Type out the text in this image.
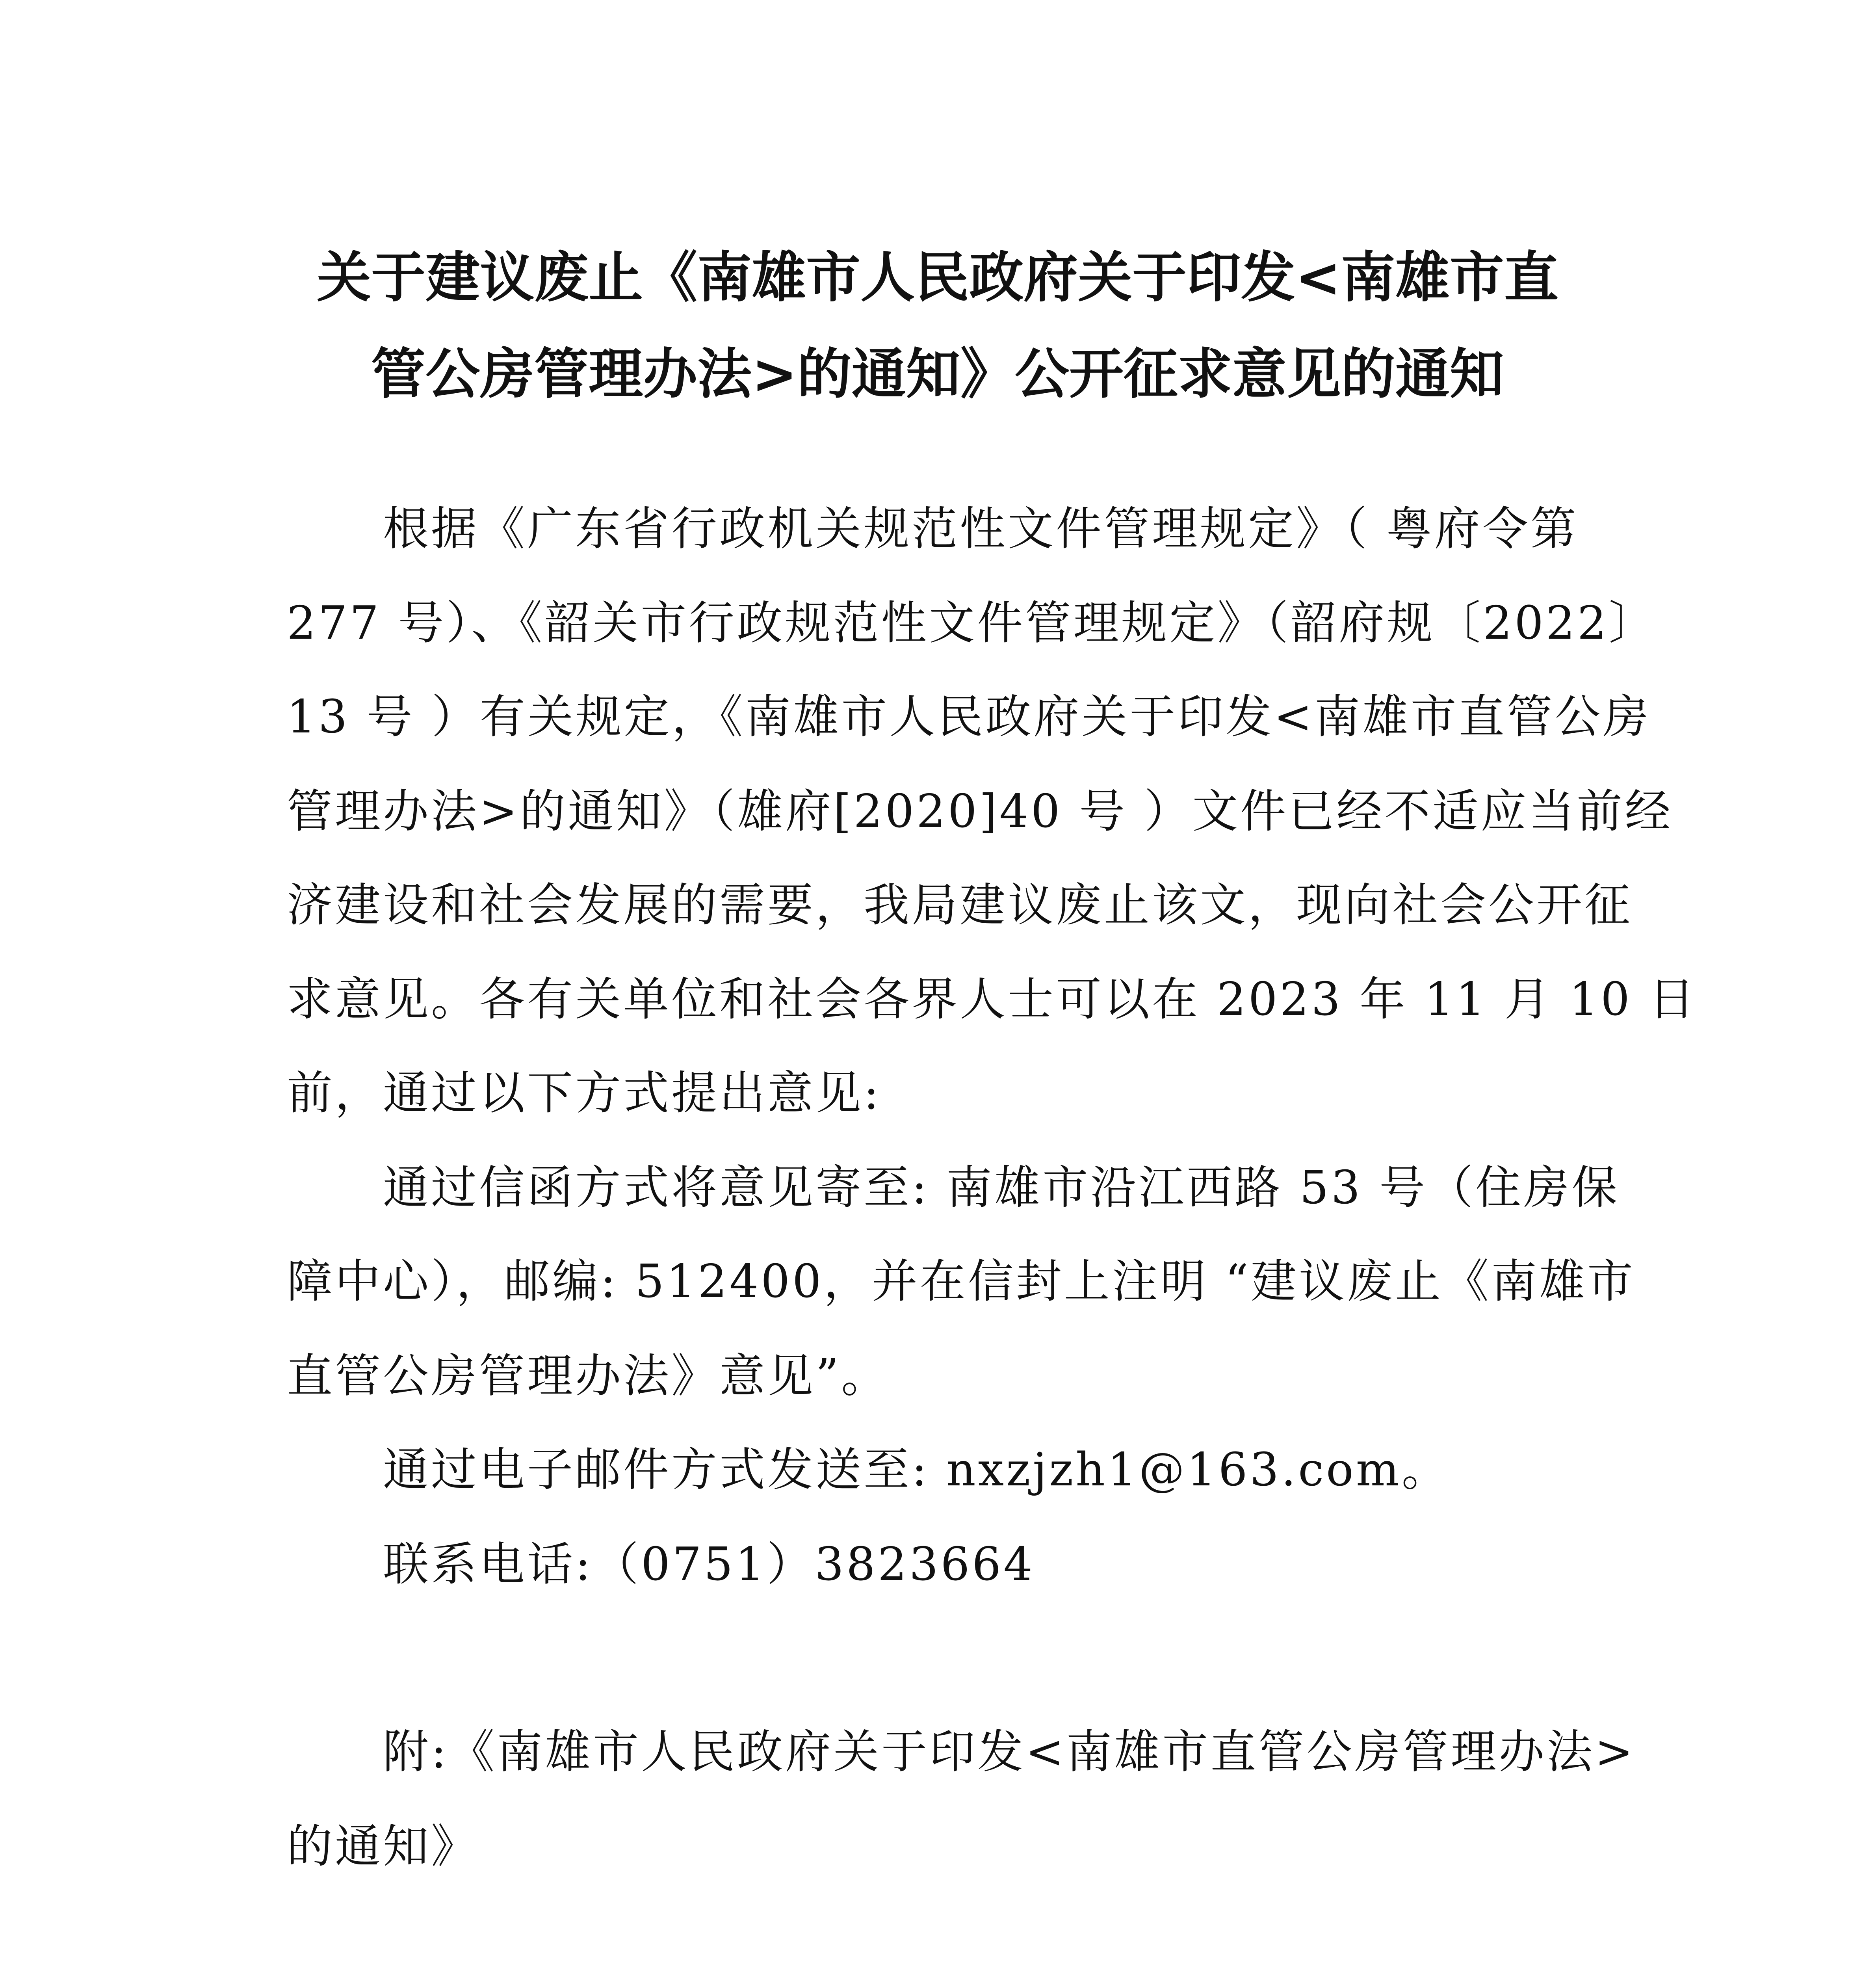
关于建议废止《南雄市人民政府关于印发<南雄市直
管公房管理办法>的通知》公开征求意见的通知
根据《广东省行政机关规范性文件管理规定》（ 粤府令第
277 号）、《韶关市行政规范性文件管理规定》（韶府规〔2022〕
13 号 ）有关规定，《南雄市人民政府关于印发<南雄市直管公房
管理办法>的通知》（雄府[2020]40 号 ）文件已经不适应当前经
济建设和社会发展的需要，我局建议废止该文，现向社会公开征
求意见。各有关单位和社会各界人士可以在 2023 年 11 月 10 日
前，通过以下方式提出意见:
通过信函方式将意见寄至: 南雄市沿江西路 53 号（住房保
障中心），邮编: 512400，并在信封上注明 “建议废止《南雄市
直管公房管理办法》意见”。
通过电子邮件方式发送至: nxzjzh1@163.com。
联系电话:（0751）3823664
附:《南雄市人民政府关于印发<南雄市直管公房管理办法>
的通知》
